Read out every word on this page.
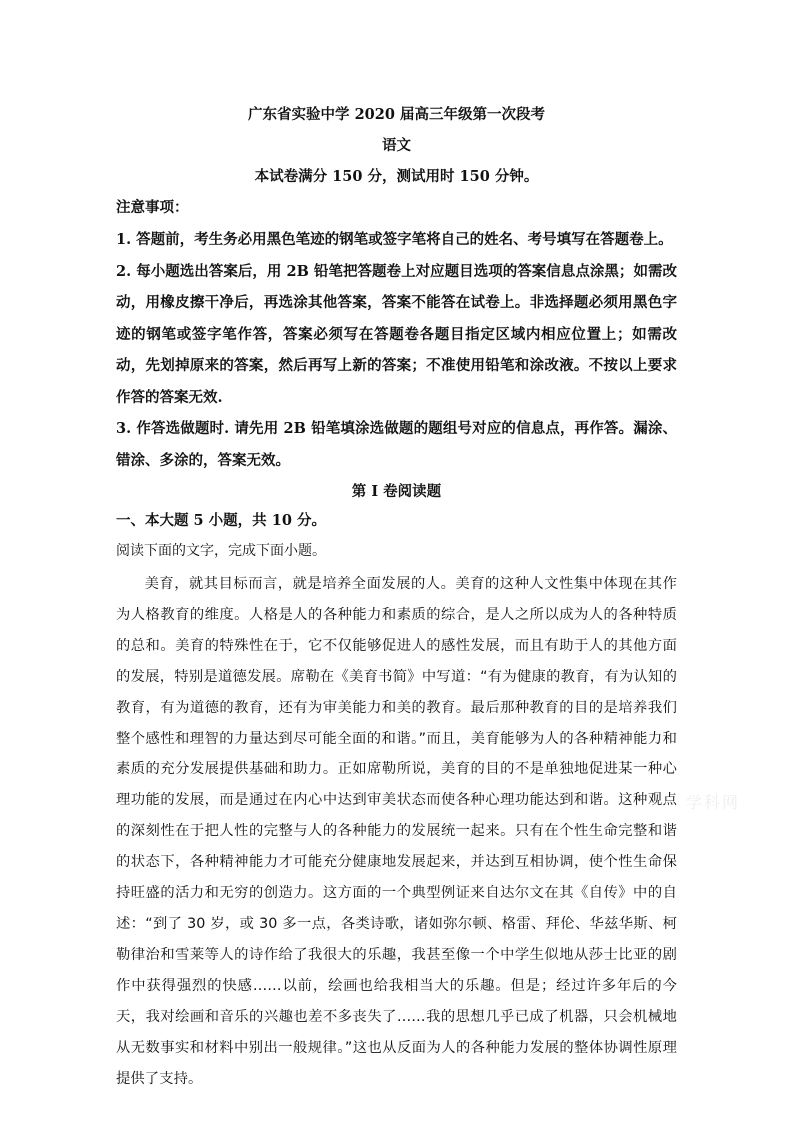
广东省实验中学 2020 届高三年级第一次段考
语文
本试卷满分 150 分，测试用时 150 分钟。
注意事项：

1. 答题前，考生务必用黑色笔迹的钢笔或签字笔将自己的姓名、考号填写在答题卷上。

2. 每小题选出答案后，用 2B 铅笔把答题卷上对应题目选项的答案信息点涂黑；如需改动，用橡皮擦干净后，再选涂其他答案，答案不能答在试卷上。非选择题必须用黑色字迹的钢笔或签字笔作答，答案必须写在答题卷各题目指定区域内相应位置上；如需改动，先划掉原来的答案，然后再写上新的答案；不准使用铅笔和涂改液。不按以上要求作答的答案无效.

3. 作答选做题时. 请先用 2B 铅笔填涂选做题的题组号对应的信息点，再作答。漏涂、错涂、多涂的，答案无效。

第 I 卷阅读题
一、本大题 5 小题，共 10 分。
阅读下面的文字，完成下面小题。

美育，就其目标而言，就是培养全面发展的人。美育的这种人文性集中体现在其作为人格教育的维度。人格是人的各种能力和素质的综合，是人之所以成为人的各种特质的总和。美育的特殊性在于，它不仅能够促进人的感性发展，而且有助于人的其他方面的发展，特别是道德发展。席勒在《美育书简》中写道：“有为健康的教育，有为认知的教育，有为道德的教育，还有为审美能力和美的教育。最后那种教育的目的是培养我们整个感性和理智的力量达到尽可能全面的和谐。”而且，美育能够为人的各种精神能力和素质的充分发展提供基础和助力。正如席勒所说，美育的目的不是单独地促进某一种心理功能的发展，而是通过在内心中达到审美状态而使各种心理功能达到和谐。这种观点的深刻性在于把人性的完整与人的各种能力的发展统一起来。只有在个性生命完整和谐的状态下，各种精神能力才可能充分健康地发展起来，并达到互相协调，使个性生命保持旺盛的活力和无穷的创造力。这方面的一个典型例证来自达尔文在其《自传》中的自述：“到了 30 岁，或 30 多一点，各类诗歌，诸如弥尔顿、格雷、拜伦、华兹华斯、柯勒律治和雪莱等人的诗作给了我很大的乐趣，我甚至像一个中学生似地从莎士比亚的剧作中获得强烈的快感……以前，绘画也给我相当大的乐趣。但是；经过许多年后的今天，我对绘画和音乐的兴趣也差不多丧失了……我的思想几乎已成了机器，只会机械地从无数事实和材料中别出一般规律。”这也从反面为人的各种能力发展的整体协调性原理提供了支持。

学科网
